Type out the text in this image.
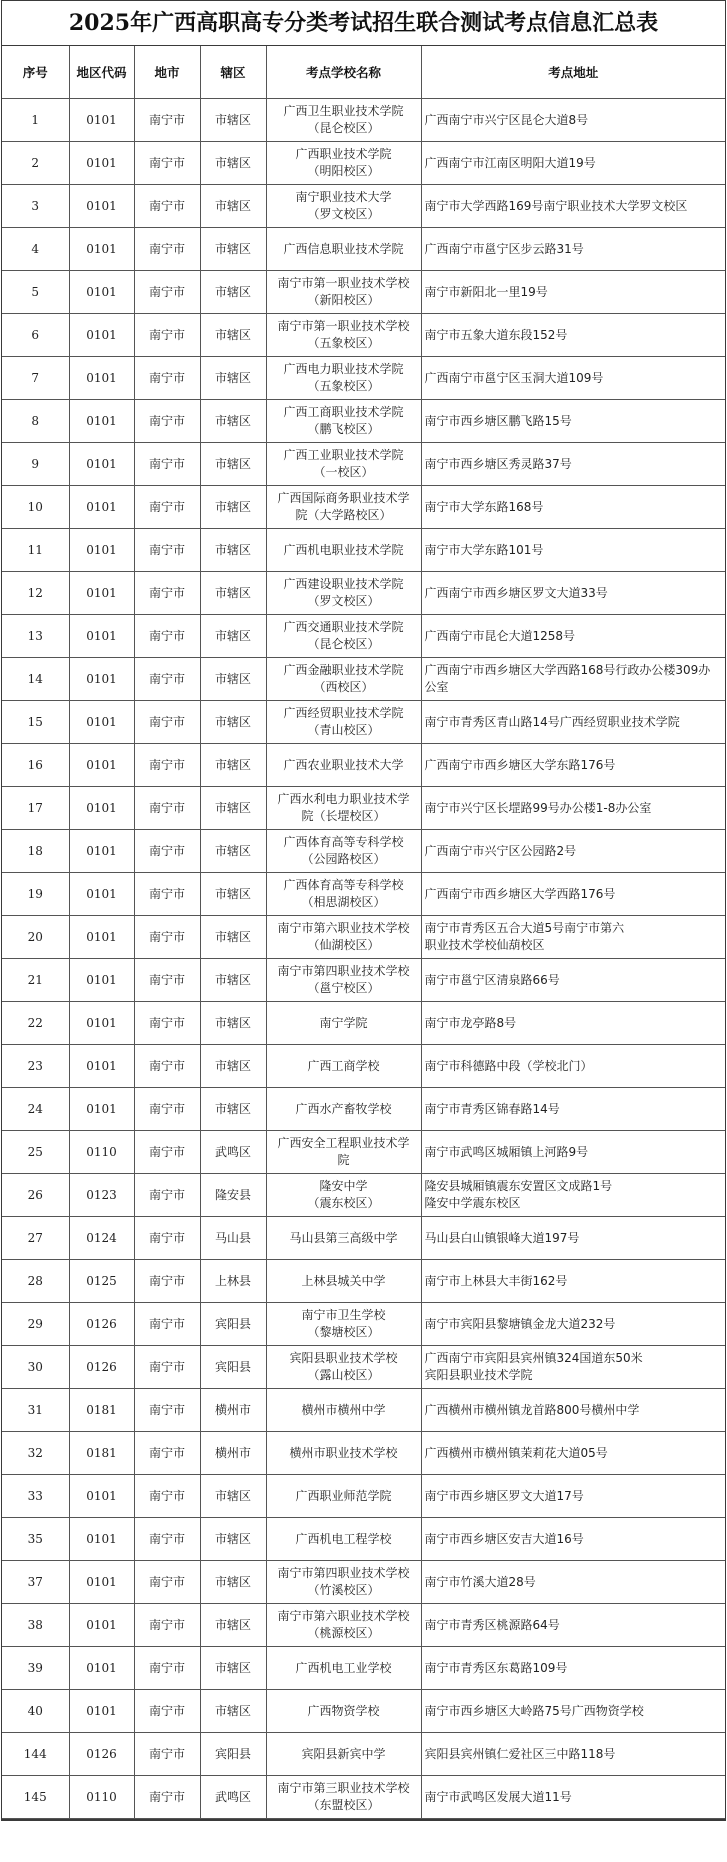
2025年广西高职高专分类考试招生联合测试考点信息汇总表
序号	地区代码	地市	辖区	考点学校名称	考点地址
1	0101	南宁市	市辖区	广西卫生职业技术学院
（昆仑校区）	广西南宁市兴宁区昆仑大道8号

2	0101	南宁市	市辖区	广西职业技术学院
（明阳校区）	广西南宁市江南区明阳大道19号

3	0101	南宁市	市辖区	南宁职业技术大学
（罗文校区）	南宁市大学西路169号南宁职业技术大学罗文校区

4	0101	南宁市	市辖区	广西信息职业技术学院	广西南宁市邕宁区步云路31号

5	0101	南宁市	市辖区	南宁市第一职业技术学校
（新阳校区）	南宁市新阳北一里19号

6	0101	南宁市	市辖区	南宁市第一职业技术学校
（五象校区）	南宁市五象大道东段152号

7	0101	南宁市	市辖区	广西电力职业技术学院
（五象校区）	广西南宁市邕宁区玉洞大道109号

8	0101	南宁市	市辖区	广西工商职业技术学院
（鹏飞校区）	南宁市西乡塘区鹏飞路15号

9	0101	南宁市	市辖区	广西工业职业技术学院
（一校区）	南宁市西乡塘区秀灵路37号

10	0101	南宁市	市辖区	广西国际商务职业技术学
院（大学路校区）	南宁市大学东路168号

11	0101	南宁市	市辖区	广西机电职业技术学院	南宁市大学东路101号

12	0101	南宁市	市辖区	广西建设职业技术学院
（罗文校区）	广西南宁市西乡塘区罗文大道33号

13	0101	南宁市	市辖区	广西交通职业技术学院
（昆仑校区）	广西南宁市昆仑大道1258号

14	0101	南宁市	市辖区	广西金融职业技术学院
（西校区）	广西南宁市西乡塘区大学西路168号行政办公楼309办
公室

15	0101	南宁市	市辖区	广西经贸职业技术学院
（青山校区）	南宁市青秀区青山路14号广西经贸职业技术学院

16	0101	南宁市	市辖区	广西农业职业技术大学	广西南宁市西乡塘区大学东路176号

17	0101	南宁市	市辖区	广西水利电力职业技术学
院（长堽校区）	南宁市兴宁区长堽路99号办公楼1-8办公室

18	0101	南宁市	市辖区	广西体育高等专科学校
（公园路校区）	广西南宁市兴宁区公园路2号

19	0101	南宁市	市辖区	广西体育高等专科学校
（相思湖校区）	广西南宁市西乡塘区大学西路176号

20	0101	南宁市	市辖区	南宁市第六职业技术学校
（仙湖校区）	南宁市青秀区五合大道5号南宁市第六
职业技术学校仙葫校区

21	0101	南宁市	市辖区	南宁市第四职业技术学校
（邕宁校区）	南宁市邕宁区清泉路66号

22	0101	南宁市	市辖区	南宁学院	南宁市龙亭路8号

23	0101	南宁市	市辖区	广西工商学校	南宁市科德路中段（学校北门）

24	0101	南宁市	市辖区	广西水产畜牧学校	南宁市青秀区锦春路14号

25	0110	南宁市	武鸣区	广西安全工程职业技术学
院	南宁市武鸣区城厢镇上河路9号

26	0123	南宁市	隆安县	隆安中学
（震东校区）	隆安县城厢镇震东安置区文成路1号
隆安中学震东校区

27	0124	南宁市	马山县	马山县第三高级中学	马山县白山镇银峰大道197号

28	0125	南宁市	上林县	上林县城关中学	南宁市上林县大丰街162号

29	0126	南宁市	宾阳县	南宁市卫生学校
（黎塘校区）	南宁市宾阳县黎塘镇金龙大道232号

30	0126	南宁市	宾阳县	宾阳县职业技术学校
（露山校区）	广西南宁市宾阳县宾州镇324国道东50米
宾阳县职业技术学院

31	0181	南宁市	横州市	横州市横州中学	广西横州市横州镇龙首路800号横州中学

32	0181	南宁市	横州市	横州市职业技术学校	广西横州市横州镇茉莉花大道05号

33	0101	南宁市	市辖区	广西职业师范学院	南宁市西乡塘区罗文大道17号

35	0101	南宁市	市辖区	广西机电工程学校	南宁市西乡塘区安吉大道16号

37	0101	南宁市	市辖区	南宁市第四职业技术学校
（竹溪校区）	南宁市竹溪大道28号

38	0101	南宁市	市辖区	南宁市第六职业技术学校
（桃源校区）	南宁市青秀区桃源路64号

39	0101	南宁市	市辖区	广西机电工业学校	南宁市青秀区东葛路109号

40	0101	南宁市	市辖区	广西物资学校	南宁市西乡塘区大岭路75号广西物资学校

144	0126	南宁市	宾阳县	宾阳县新宾中学	宾阳县宾州镇仁爱社区三中路118号

145	0110	南宁市	武鸣区	南宁市第三职业技术学校
（东盟校区）	南宁市武鸣区发展大道11号
